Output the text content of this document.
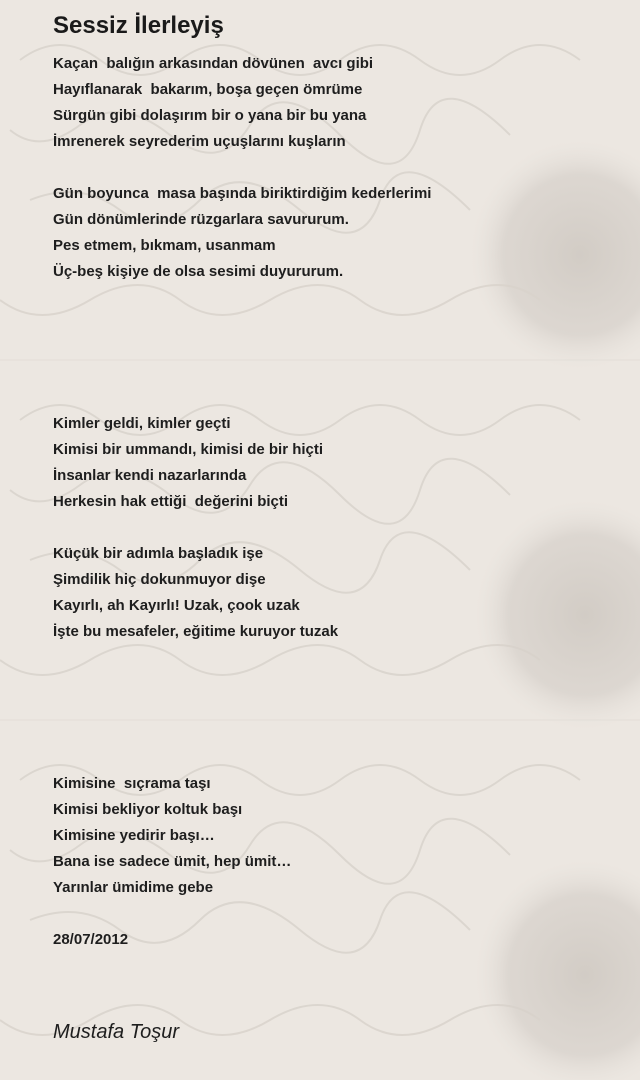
Sessiz İlerleyiş

Kaçan  balığın arkasından dövünen  avcı gibi

Hayıflanarak  bakarım, boşa geçen ömrüme

Sürgün gibi dolaşırım bir o yana bir bu yana

İmrenerek seyrederim uçuşlarını kuşların

Gün boyunca  masa başında biriktirdiğim kederlerimi

Gün dönümlerinde rüzgarlara savururum.

Pes etmem, bıkmam, usanmam

Üç-beş kişiye de olsa sesimi duyururum.

Kimler geldi, kimler geçti

Kimisi bir ummandı, kimisi de bir hiçti

İnsanlar kendi nazarlarında

Herkesin hak ettiği  değerini biçti

Küçük bir adımla başladık işe

Şimdilik hiç dokunmuyor dişe

Kayırlı, ah Kayırlı! Uzak, çook uzak

İşte bu mesafeler, eğitime kuruyor tuzak

Kimisine  sıçrama taşı

Kimisi bekliyor koltuk başı

Kimisine yedirir başı…

Bana ise sadece ümit, hep ümit…

Yarınlar ümidime gebe

28/07/2012

Mustafa Toşur
